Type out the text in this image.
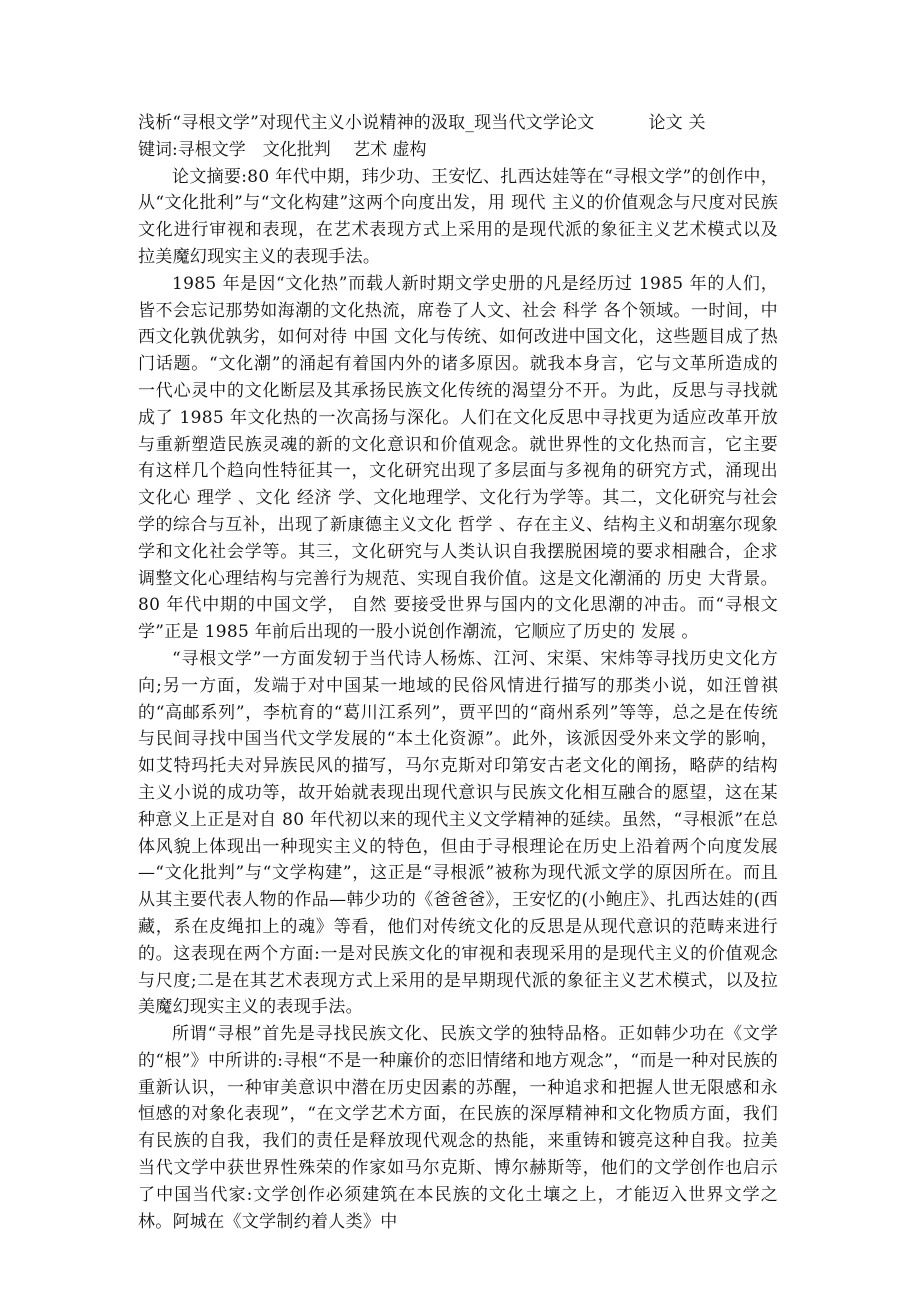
浅析“寻根文学”对现代主义小说精神的汲取_现当代文学论文	论文 关
键词:寻根文学　文化批判　 艺术 虚构

论文摘要:80 年代中期，玮少功、王安忆、扎西达娃等在“寻根文学”的创作中，从“文化批利”与“文化构建”这两个向度出发，用 现代 主义的价值观念与尺度对民族文化进行审视和表现，在艺术表现方式上采用的是现代派的象征主义艺术模式以及拉美魔幻现实主义的表现手法。

1985 年是因“文化热”而载人新时期文学史册的凡是经历过 1985 年的人们，皆不会忘记那势如海潮的文化热流，席卷了人文、社会 科学 各个领域。一时间，中西文化孰优孰劣，如何对待 中国 文化与传统、如何改进中国文化，这些题目成了热门话题。“文化潮”的涌起有着国内外的诸多原因。就我本身言，它与文革所造成的一代心灵中的文化断层及其承扬民族文化传统的渴望分不开。为此，反思与寻找就成了 1985 年文化热的一次高扬与深化。人们在文化反思中寻找更为适应改革开放与重新塑造民族灵魂的新的文化意识和价值观念。就世界性的文化热而言，它主要有这样几个趋向性特征其一，文化研究出现了多层面与多视角的研究方式，涌现出文化心 理学 、文化 经济 学、文化地理学、文化行为学等。其二，文化研究与社会学的综合与互补，出现了新康德主义文化 哲学 、存在主义、结构主义和胡塞尔现象学和文化社会学等。其三，文化研究与人类认识自我摆脱困境的要求相融合，企求调整文化心理结构与完善行为规范、实现自我价值。这是文化潮涌的 历史 大背景。80 年代中期的中国文学， 自然 要接受世界与国内的文化思潮的冲击。而“寻根文学”正是 1985 年前后出现的一股小说创作潮流，它顺应了历史的 发展 。

“寻根文学”一方面发轫于当代诗人杨炼、江河、宋渠、宋炜等寻找历史文化方向;另一方面，发端于对中国某一地域的民俗风情进行描写的那类小说，如汪曾祺的“高邮系列”，李杭育的“葛川江系列”，贾平凹的“商州系列”等等，总之是在传统与民间寻找中国当代文学发展的“本土化资源”。此外，该派因受外来文学的影响，如艾特玛托夫对异族民风的描写，马尔克斯对印第安古老文化的阐扬，略萨的结构主义小说的成功等，故开始就表现出现代意识与民族文化相互融合的愿望，这在某种意义上正是对自 80 年代初以来的现代主义文学精神的延续。虽然，“寻根派”在总体风貌上体现出一种现实主义的特色，但由于寻根理论在历史上沿着两个向度发展—“文化批判”与“文学构建”，这正是“寻根派”被称为现代派文学的原因所在。而且从其主要代表人物的作品—韩少功的《爸爸爸》，王安忆的(小鲍庄》、扎西达娃的(西藏，系在皮绳扣上的魂》等看，他们对传统文化的反思是从现代意识的范畴来进行的。这表现在两个方面:一是对民族文化的审视和表现采用的是现代主义的价值观念与尺度;二是在其艺术表现方式上采用的是早期现代派的象征主义艺术模式，以及拉美魔幻现实主义的表现手法。

所谓“寻根”首先是寻找民族文化、民族文学的独特品格。正如韩少功在《文学的“根”》中所讲的:寻根“不是一种廉价的恋旧情绪和地方观念”，“而是一种对民族的重新认识，一种审美意识中潜在历史因素的苏醒，一种追求和把握人世无限感和永恒感的对象化表现”，“在文学艺术方面，在民族的深厚精神和文化物质方面，我们有民族的自我，我们的责任是释放现代观念的热能，来重铸和镀亮这种自我。拉美当代文学中获世界性殊荣的作家如马尔克斯、博尔赫斯等，他们的文学创作也启示了中国当代家:文学创作必须建筑在本民族的文化土壤之上，才能迈入世界文学之林。阿城在《文学制约着人类》中
